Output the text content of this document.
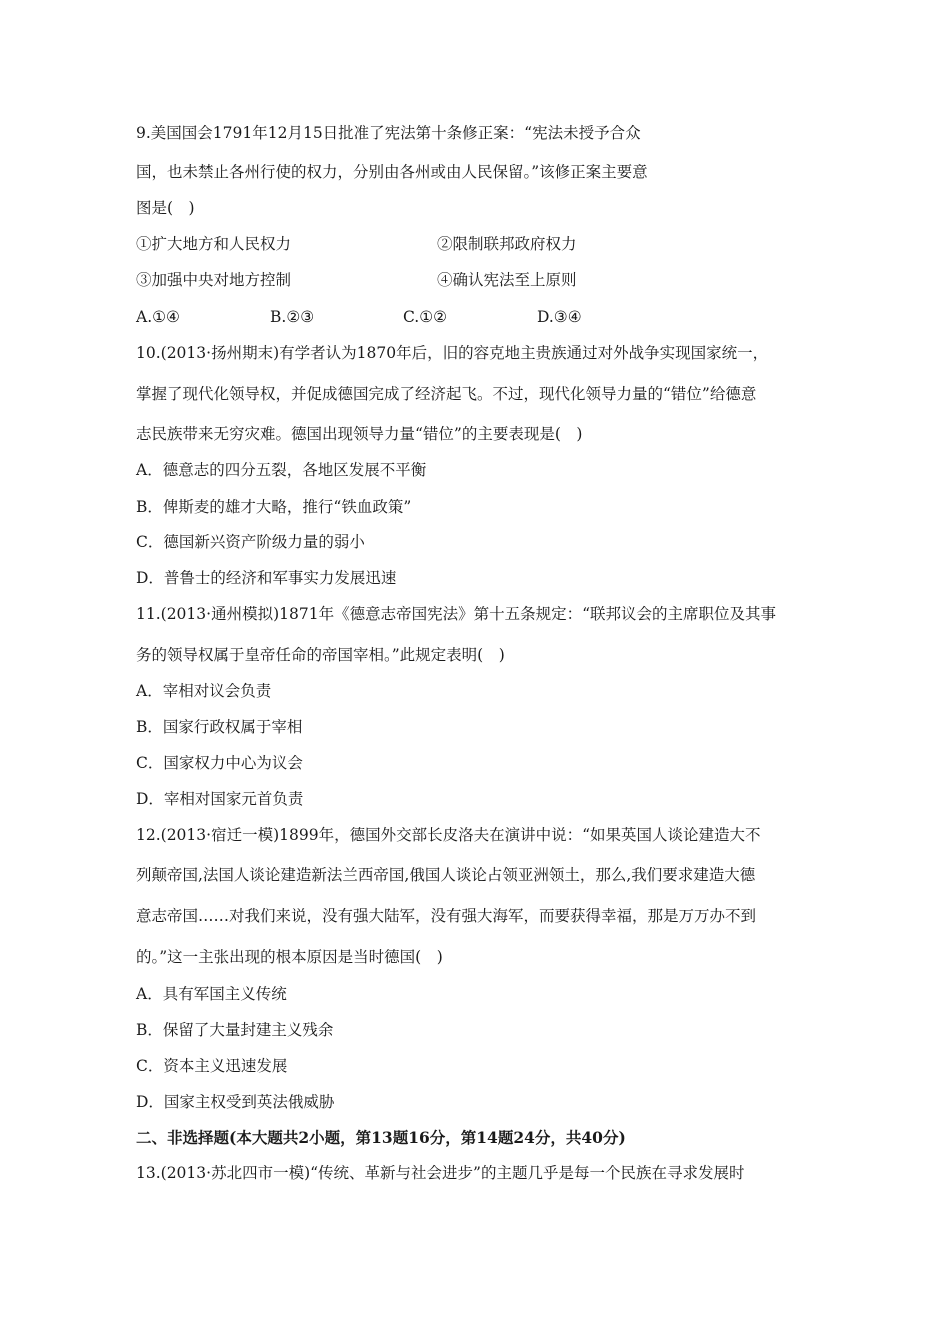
9.美国国会1791年12月15日批准了宪法第十条修正案：“宪法未授予合众
国，也未禁止各州行使的权力，分别由各州或由人民保留。”该修正案主要意
图是(　)
①扩大地方和人民权力	②限制联邦政府权力
③加强中央对地方控制	④确认宪法至上原则
A.①④	B.②③	C.①②	D.③④
10.(2013·扬州期末)有学者认为1870年后，旧的容克地主贵族通过对外战争实现国家统一，
掌握了现代化领导权，并促成德国完成了经济起飞。不过，现代化领导力量的“错位”给德意
志民族带来无穷灾难。德国出现领导力量“错位”的主要表现是(　)
A．德意志的四分五裂，各地区发展不平衡
B．俾斯麦的雄才大略，推行“铁血政策”
C．德国新兴资产阶级力量的弱小
D．普鲁士的经济和军事实力发展迅速
11.(2013·通州模拟)1871年《德意志帝国宪法》第十五条规定：“联邦议会的主席职位及其事
务的领导权属于皇帝任命的帝国宰相。”此规定表明(　)
A．宰相对议会负责
B．国家行政权属于宰相
C．国家权力中心为议会
D．宰相对国家元首负责
12.(2013·宿迁一模)1899年，德国外交部长皮洛夫在演讲中说：“如果英国人谈论建造大不
列颠帝国,法国人谈论建造新法兰西帝国,俄国人谈论占领亚洲领土，那么,我们要求建造大德
意志帝国……对我们来说，没有强大陆军，没有强大海军，而要获得幸福，那是万万办不到
的。”这一主张出现的根本原因是当时德国(　)
A．具有军国主义传统
B．保留了大量封建主义残余
C．资本主义迅速发展
D．国家主权受到英法俄威胁
二、非选择题(本大题共2小题，第13题16分，第14题24分，共40分)
13.(2013·苏北四市一模)“传统、革新与社会进步”的主题几乎是每一个民族在寻求发展时
